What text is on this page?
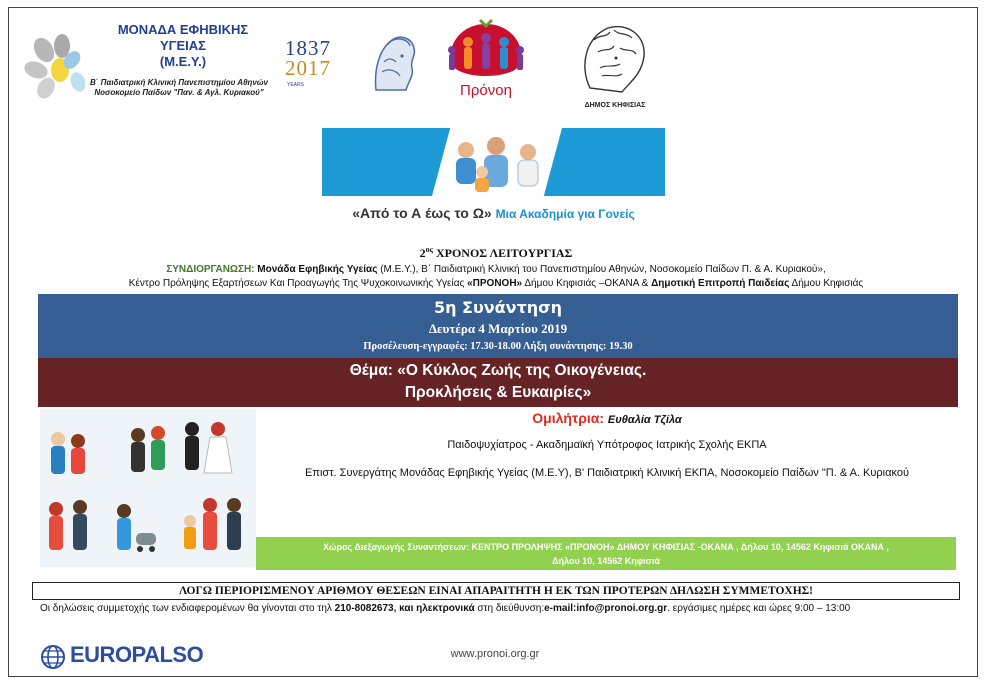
ΜΟΝΑΔΑ ΕΦΗΒΙΚΗΣ ΥΓΕΙΑΣ
(Μ.Ε.Υ.)
Β΄ Παιδιατρική Κλινική Πανεπιστημίου Αθηνών
Νοσοκομείο Παίδων "Παν. & Αγλ. Κυριακού"
1837
2017
YEARS	Πρόνοη
ΔΗΜΟΣ ΚΗΦΙΣΙΑΣ
«Από το Α έως το Ω» Μια Ακαδημία για Γονείς
$2^{o\varsigma}$ ΧΡΟΝΟΣ ΛΕΙΤΟΥΡΓΙΑΣ
ΣΥΝΔΙΟΡΓΑΝΩΣΗ: Μονάδα Εφηβικής Υγείας (Μ.Ε.Υ.), Β΄ Παιδιατρική Κλινική του Πανεπιστημίου Αθηνών, Νοσοκομείο Παίδων Π. & Α. Κυριακού»,
Κέντρο Πρόληψης Εξαρτήσεων Και Προαγωγής Της Ψυχοκοινωνικής Υγείας «ΠΡΟΝΟΗ» Δήμου Κηφισιάς –ΟΚΑΝΑ & Δημοτική Επιτροπή Παιδείας Δήμου Κηφισιάς
5η Συνάντηση
Δευτέρα 4 Μαρτίου 2019
Προσέλευση-εγγραφές: 17.30-18.00 Λήξη συνάντησης: 19.30
Θέμα: «Ο Κύκλος Ζωής της Οικογένειας.
Προκλήσεις & Ευκαιρίες»
Ομιλήτρια: Ευθαλία Τζίλα
Παιδοψυχίατρος - Ακαδημαϊκή Υπότροφος Ιατρικής Σχολής ΕΚΠΑ
Επιστ. Συνεργάτης Μονάδας Εφηβικής Υγείας (Μ.Ε.Υ), Β' Παιδιατρική Κλινική ΕΚΠΑ, Νοσοκομείο Παίδων "Π. & Α. Κυριακού
Χώρος Διεξαγωγής Συναντήσεων: ΚΕΝΤΡΟ ΠΡΟΛΗΨΗΣ «ΠΡΟΝΟΗ» ΔΗΜΟΥ ΚΗΦΙΣΙΑΣ -ΟΚΑΝΑ , Δήλου 10, 14562 Κηφισιά ΟΚΑΝΑ ,
Δήλου 10, 14562 Κηφισιά
ΛΟΓΩ ΠΕΡΙΟΡΙΣΜΕΝΟΥ ΑΡΙΘΜΟΥ ΘΕΣΕΩΝ ΕΙΝΑΙ ΑΠΑΡΑΙΤΗΤΗ Η ΕΚ ΤΩΝ ΠΡΟΤΕΡΩΝ ΔΗΛΩΣΗ ΣΥΜΜΕΤΟΧΗΣ!
Οι δηλώσεις συμμετοχής των ενδιαφερομένων θα γίνονται στο τηλ 210-8082673, και ηλεκτρονικά στη διεύθυνση:e-mail:info@pronoi.org.gr. εργάσιμες ημέρες και ώρες 9:00 – 13:00
EUROPALSO	www.pronoi.org.gr
